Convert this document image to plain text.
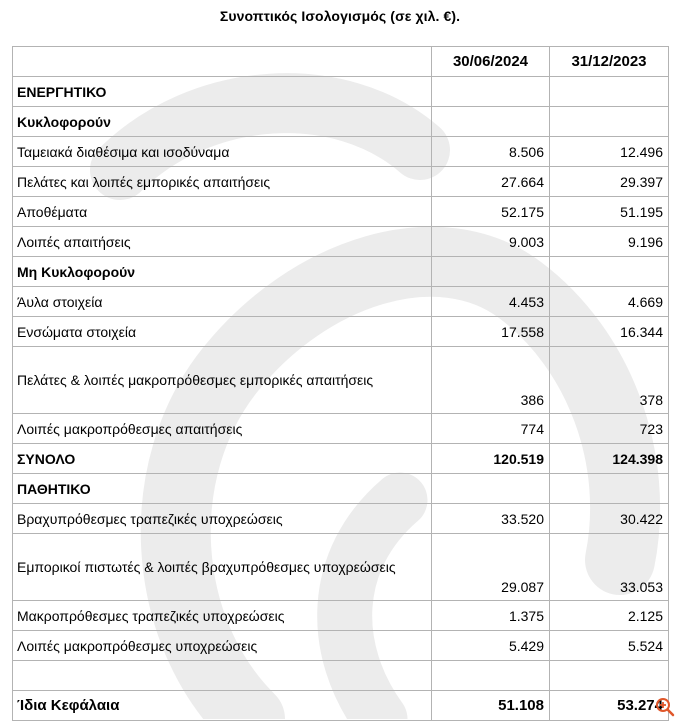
Συνοπτικός Ισολογισμός (σε χιλ. €).
	30/06/2024	31/12/2023
ΕΝΕΡΓΗΤΙΚΟ		
Κυκλοφορούν		
Ταμειακά διαθέσιμα και ισοδύναμα	8.506	12.496
Πελάτες και λοιπές εμπορικές απαιτήσεις	27.664	29.397
Αποθέματα	52.175	51.195
Λοιπές απαιτήσεις	9.003	9.196
Μη Κυκλοφορούν		
Άυλα στοιχεία	4.453	4.669
Ενσώματα στοιχεία	17.558	16.344
Πελάτες & λοιπές μακροπρόθεσμες εμπορικές απαιτήσεις	386	378
Λοιπές μακροπρόθεσμες απαιτήσεις	774	723
ΣΥΝΟΛΟ	120.519	124.398
ΠΑΘΗΤΙΚΟ		
Βραχυπρόθεσμες τραπεζικές υποχρεώσεις	33.520	30.422
Εμπορικοί πιστωτές & λοιπές βραχυπρόθεσμες υποχρεώσεις	29.087	33.053
Μακροπρόθεσμες τραπεζικές υποχρεώσεις	1.375	2.125
Λοιπές μακροπρόθεσμες υποχρεώσεις	5.429	5.524

Ίδια Κεφάλαια	51.108	53.274
